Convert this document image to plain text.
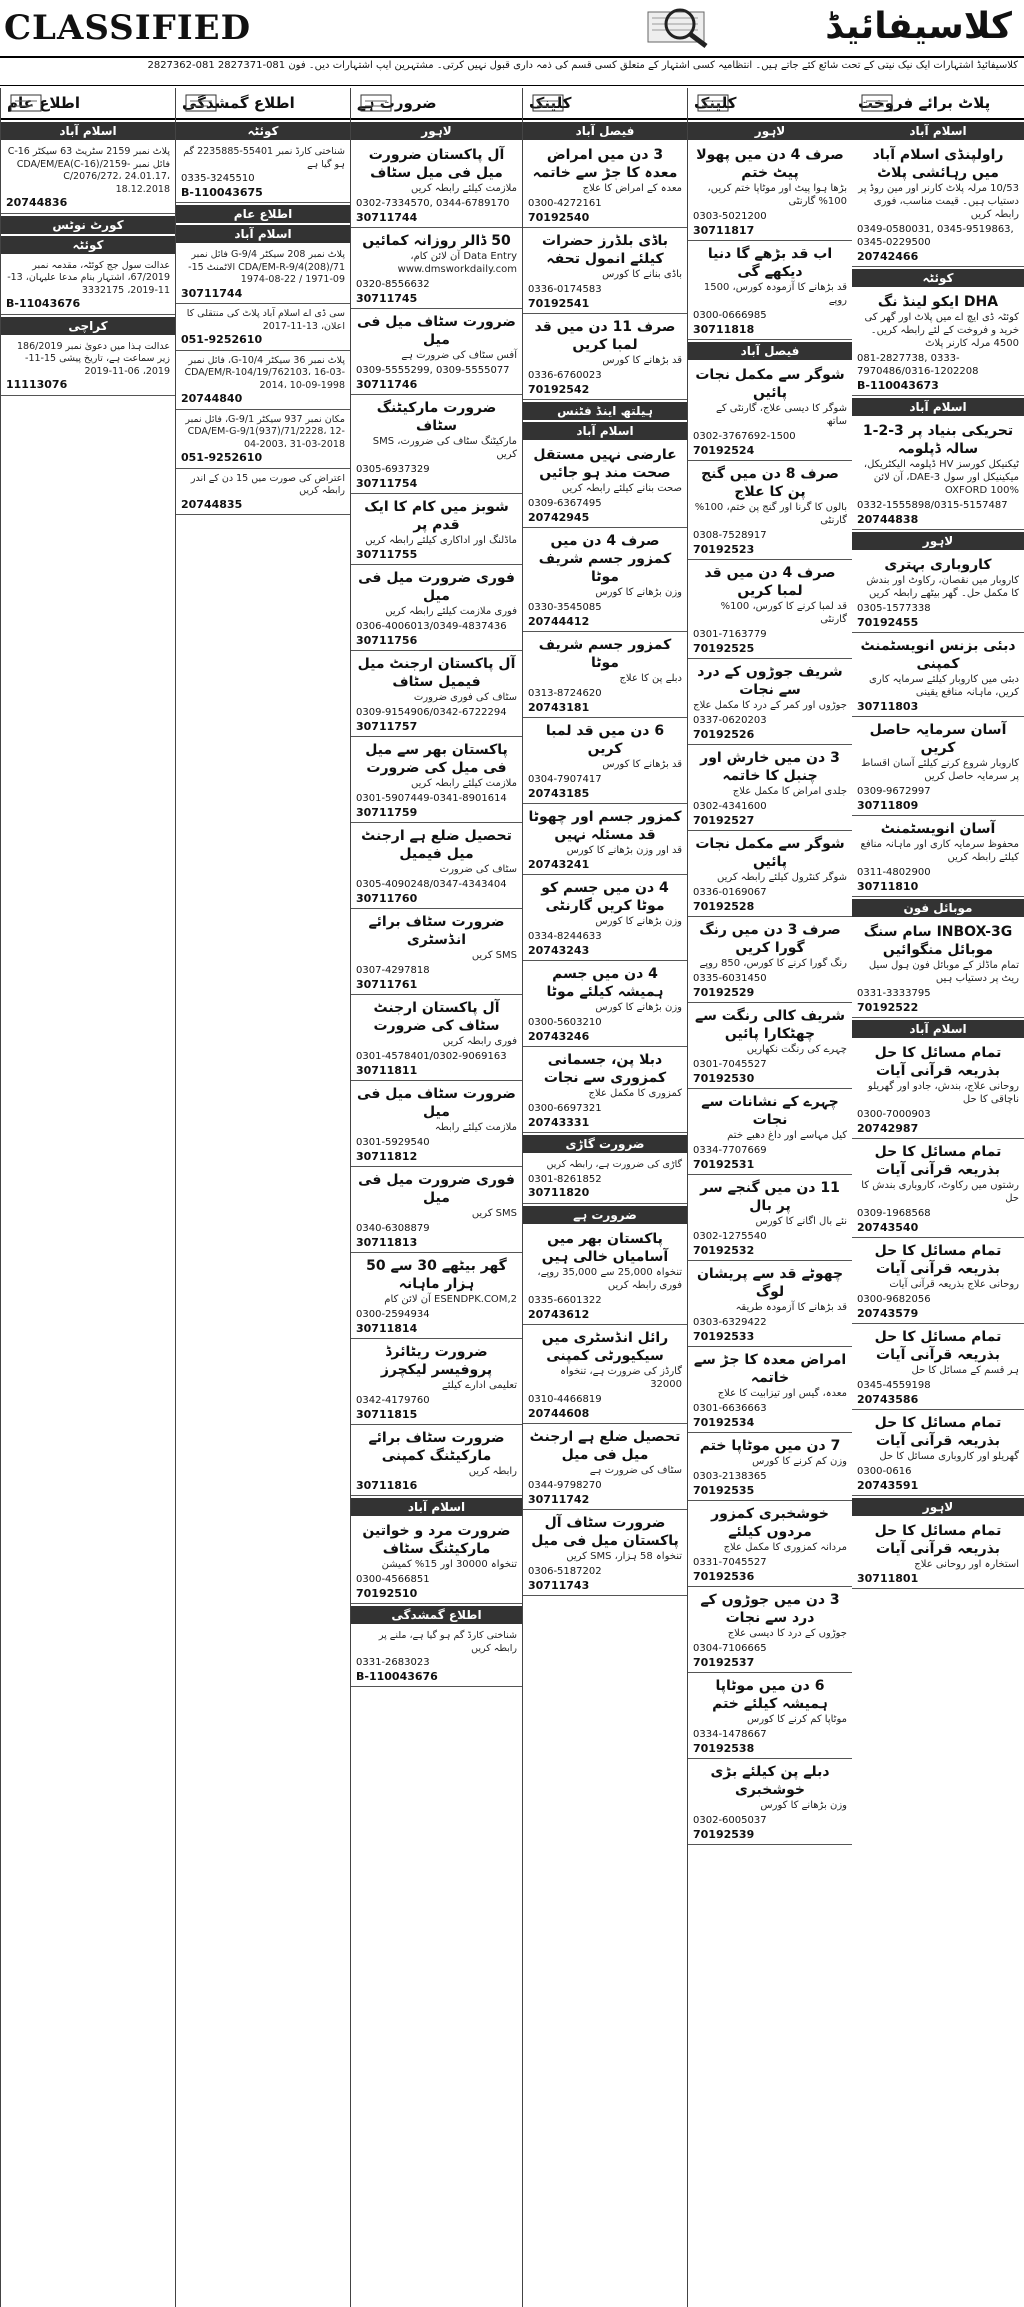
CLASSIFIED	کلاسیفائیڈ
کلاسیفائیڈ اشتہارات ایک نیک نیتی کے تحت شائع کئے جاتے ہیں۔ انتظامیہ کسی اشتہار کے متعلق کسی قسم کی ذمہ داری قبول نہیں کرتی۔ مشتہرین ایپ اشتہارات دیں۔ فون 081-2827371 081-2827362
پلاٹ برائے فروخت
اسلام آباد
راولپنڈی اسلام آباد میں رہائشی پلاٹ
10/53 مرلہ پلاٹ کارنر اور مین روڈ پر دستیاب ہیں۔ قیمت مناسب، فوری رابطہ کریں
0349-0580031, 0345-9519863, 0345-0229500
20742466
کوئٹہ
DHA ایکو لینڈ نگ
کوئٹہ ڈی ایچ اے میں پلاٹ اور گھر کی خرید و فروخت کے لئے رابطہ کریں۔ 4500 مرلہ کارنر پلاٹ
081-2827738, 0333-7970486/0316-1202208
B-110043673
اسلام آباد
تحریکی بنیاد پر 3-2-1 سالہ ڈپلومہ
ٹیکنیکل کورسز HV ڈپلومہ الیکٹریکل، میکینیکل اور سول 3-DAE، آن لائن OXFORD 100%
0332-1555898/0315-5157487
20744838
لاہور
کاروباری بہتری
کاروبار میں نقصان، رکاوٹ اور بندش کا مکمل حل۔ گھر بیٹھے رابطہ کریں
0305-1577338
70192455
دبئی بزنس انویسٹمنٹ کمپنی
دبئی میں کاروبار کیلئے سرمایہ کاری کریں، ماہانہ منافع یقینی
30711803
آسان سرمایہ حاصل کریں
کاروبار شروع کرنے کیلئے آسان اقساط پر سرمایہ حاصل کریں
0309-9672997
30711809
آسان انویسٹمنٹ
محفوظ سرمایہ کاری اور ماہانہ منافع کیلئے رابطہ کریں
0311-4802900
30711810
موبائل فون
INBOX-3G سام سنگ موبائل منگوائیں
تمام ماڈلز کے موبائل فون ہول سیل ریٹ پر دستیاب ہیں
0331-3333795
70192522
اسلام آباد
تمام مسائل کا حل بذریعہ قرآنی آیات
روحانی علاج، بندش، جادو اور گھریلو ناچاقی کا حل
0300-7000903
20742987
تمام مسائل کا حل بذریعہ قرآنی آیات
رشتوں میں رکاوٹ، کاروباری بندش کا حل
0309-1968568
20743540
تمام مسائل کا حل بذریعہ قرآنی آیات
روحانی علاج بذریعہ قرآنی آیات
0300-9682056
20743579
تمام مسائل کا حل بذریعہ قرآنی آیات
ہر قسم کے مسائل کا حل
0345-4559198
20743586
تمام مسائل کا حل بذریعہ قرآنی آیات
گھریلو اور کاروباری مسائل کا حل
0300-0616
20743591
لاہور
تمام مسائل کا حل بذریعہ قرآنی آیات
استخارہ اور روحانی علاج
30711801
کلینک
لاہور
صرف 4 دن میں پھولا پیٹ ختم
بڑھا ہوا پیٹ اور موٹاپا ختم کریں، 100% گارنٹی
0303-5021200
30711817
اب قد بڑھے گا دنیا دیکھے گی
قد بڑھانے کا آزمودہ کورس، 1500 روپے
0300-0666985
30711818
فیصل آباد
شوگر سے مکمل نجات پائیں
شوگر کا دیسی علاج، گارنٹی کے ساتھ
0302-3767692-1500
70192524
صرف 8 دن میں گنج پن کا علاج
بالوں کا گرنا اور گنج پن ختم، 100% گارنٹی
0308-7528917
70192523
صرف 4 دن میں قد لمبا کریں
قد لمبا کرنے کا کورس، 100% گارنٹی
0301-7163779
70192525
شریف جوڑوں کے درد سے نجات
جوڑوں اور کمر کے درد کا مکمل علاج
0337-0620203
70192526
3 دن میں خارش اور چنبل کا خاتمہ
جلدی امراض کا مکمل علاج
0302-4341600
70192527
شوگر سے مکمل نجات پائیں
شوگر کنٹرول کیلئے رابطہ کریں
0336-0169067
70192528
صرف 3 دن میں رنگ گورا کریں
رنگ گورا کرنے کا کورس، 850 روپے
0335-6031450
70192529
شریف کالی رنگت سے چھٹکارا پائیں
چہرے کی رنگت نکھاریں
0301-7045527
70192530
چہرے کے نشانات سے نجات
کیل مہاسے اور داغ دھبے ختم
0334-7707669
70192531
11 دن میں گنجے سر پر بال
نئے بال اگانے کا کورس
0302-1275540
70192532
چھوٹے قد سے پریشان لوگ
قد بڑھانے کا آزمودہ طریقہ
0303-6329422
70192533
امراض معدہ کا جڑ سے خاتمہ
معدہ، گیس اور تیزابیت کا علاج
0301-6636663
70192534
7 دن میں موٹاپا ختم
وزن کم کرنے کا کورس
0303-2138365
70192535
خوشخبری کمزور مردوں کیلئے
مردانہ کمزوری کا مکمل علاج
0331-7045527
70192536
3 دن میں جوڑوں کے درد سے نجات
جوڑوں کے درد کا دیسی علاج
0304-7106665
70192537
6 دن میں موٹاپا ہمیشہ کیلئے ختم
موٹاپا کم کرنے کا کورس
0334-1478667
70192538
دبلے پن کیلئے بڑی خوشخبری
وزن بڑھانے کا کورس
0302-6005037
70192539
کلینک
فیصل آباد
3 دن میں امراض معدہ کا جڑ سے خاتمہ
معدہ کے امراض کا علاج
0300-4272161
70192540
باڈی بلڈرز حضرات کیلئے انمول تحفہ
باڈی بنانے کا کورس
0336-0174583
70192541
صرف 11 دن میں قد لمبا کریں
قد بڑھانے کا کورس
0336-6760023
70192542
ہیلتھ اینڈ فٹنس
اسلام آباد
عارضی نہیں مستقل صحت مند ہو جائیں
صحت بنانے کیلئے رابطہ کریں
0309-6367495
20742945
صرف 4 دن میں کمزور جسم شریف موٹا
وزن بڑھانے کا کورس
0330-3545085
20744412
کمزور جسم شریف موٹا
دبلے پن کا علاج
0313-8724620
20743181
6 دن میں قد لمبا کریں
قد بڑھانے کا کورس
0304-7907417
20743185
کمزور جسم اور چھوٹا قد مسئلہ نہیں
قد اور وزن بڑھانے کا کورس
20743241
4 دن میں جسم کو موٹا کریں گارنٹی
وزن بڑھانے کا کورس
0334-8244633
20743243
4 دن میں جسم ہمیشہ کیلئے موٹا
وزن بڑھانے کا کورس
0300-5603210
20743246
دبلا پن، جسمانی کمزوری سے نجات
کمزوری کا مکمل علاج
0300-6697321
20743331
ضرورت گاڑی
گاڑی کی ضرورت ہے، رابطہ کریں
0301-8261852
30711820
ضرورت ہے
پاکستان بھر میں آسامیاں خالی ہیں
تنخواہ 25,000 سے 35,000 روپے، فوری رابطہ کریں
0335-6601322
20743612
رائل انڈسٹری میں سیکیورٹی کمپنی
گارڈز کی ضرورت ہے، تنخواہ 32000
0310-4466819
20744608
تحصیل ضلع ہے ارجنٹ میل فی میل
سٹاف کی ضرورت ہے
0344-9798270
30711742
ضرورت سٹاف آل پاکستان میل فی میل
تنخواہ 58 ہزار، SMS کریں
0306-5187202
30711743
ضرورت ہے
لاہور
آل پاکستان ضرورت میل فی میل سٹاف
ملازمت کیلئے رابطہ کریں
0302-7334570, 0344-6789170
30711744
50 ڈالر روزانہ کمائیں
Data Entry آن لائن کام، www.dmsworkdaily.com
0320-8556632
30711745
ضرورت سٹاف میل فی میل
آفس سٹاف کی ضرورت ہے
0309-5555299, 0309-5555077
30711746
ضرورت مارکیٹنگ سٹاف
مارکیٹنگ سٹاف کی ضرورت، SMS کریں
0305-6937329
30711754
شوبز میں کام کا ایک قدم پر
ماڈلنگ اور اداکاری کیلئے رابطہ کریں
30711755
فوری ضرورت میل فی میل
فوری ملازمت کیلئے رابطہ کریں
0306-4006013/0349-4837436
30711756
آل پاکستان ارجنٹ میل فیمیل سٹاف
سٹاف کی فوری ضرورت
0309-9154906/0342-6722294
30711757
پاکستان بھر سے میل فی میل کی ضرورت
ملازمت کیلئے رابطہ کریں
0301-5907449-0341-8901614
30711759
تحصیل ضلع ہے ارجنٹ میل فیمیل
سٹاف کی ضرورت
0305-4090248/0347-4343404
30711760
ضرورت سٹاف برائے انڈسٹری
SMS کریں
0307-4297818
30711761
آل پاکستان ارجنٹ سٹاف کی ضرورت
فوری رابطہ کریں
0301-4578401/0302-9069163
30711811
ضرورت سٹاف میل فی میل
ملازمت کیلئے رابطہ
0301-5929540
30711812
فوری ضرورت میل فی میل
SMS کریں
0340-6308879
30711813
گھر بیٹھے 30 سے 50 ہزار ماہانہ
2,ESENDPK.COM آن لائن کام
0300-2594934
30711814
ضرورت ریٹائرڈ پروفیسر لیکچرز
تعلیمی ادارے کیلئے
0342-4179760
30711815
ضرورت سٹاف برائے مارکیٹنگ کمپنی
رابطہ کریں
30711816
اسلام آباد
ضرورت مرد و خواتین مارکیٹنگ سٹاف
تنخواہ 30000 اور 15% کمیشن
0300-4566851
70192510
اطلاع گمشدگی
شناختی کارڈ گم ہو گیا ہے، ملنے پر رابطہ کریں
0331-2683023
B-110043676
اطلاع گمشدگی
کوئٹہ
شناختی کارڈ نمبر 55401-2235885 گم ہو گیا ہے
0335-3245510
B-110043675
اطلاع عام
اسلام آباد
پلاٹ نمبر 208 سیکٹر G-9/4 فائل نمبر CDA/EM-R-9/4(208)/71 الاٹمنٹ 15-09-1971 / 22-08-1974
30711744
سی ڈی اے اسلام آباد پلاٹ کی منتقلی کا اعلان، 13-11-2017
051-9252610
پلاٹ نمبر 36 سیکٹر G-10/4، فائل نمبر CDA/EM/R-104/19/762103، 16-03-2014، 10-09-1998
20744840
مکان نمبر 937 سیکٹر G-9/1، فائل نمبر CDA/EM-G-9/1(937)/71/2228، 12-04-2003، 31-03-2018
051-9252610
اعتراض کی صورت میں 15 دن کے اندر رابطہ کریں
20744835
اطلاع عام
اسلام آباد
پلاٹ نمبر 2159 سٹریٹ 63 سیکٹر C-16 فائل نمبر CDA/EM/EA(C-16)/2159-C/2076/272، 24.01.17، 18.12.2018
20744836
کورٹ نوٹس
کوئٹہ
عدالت سول جج کوئٹہ، مقدمہ نمبر 67/2019، اشتہار بنام مدعا علیہان، 13-11-2019، 3332175
B-11043676
کراچی
عدالت ہذا میں دعویٰ نمبر 186/2019 زیر سماعت ہے، تاریخ پیشی 15-11-2019، 06-11-2019
11113076
